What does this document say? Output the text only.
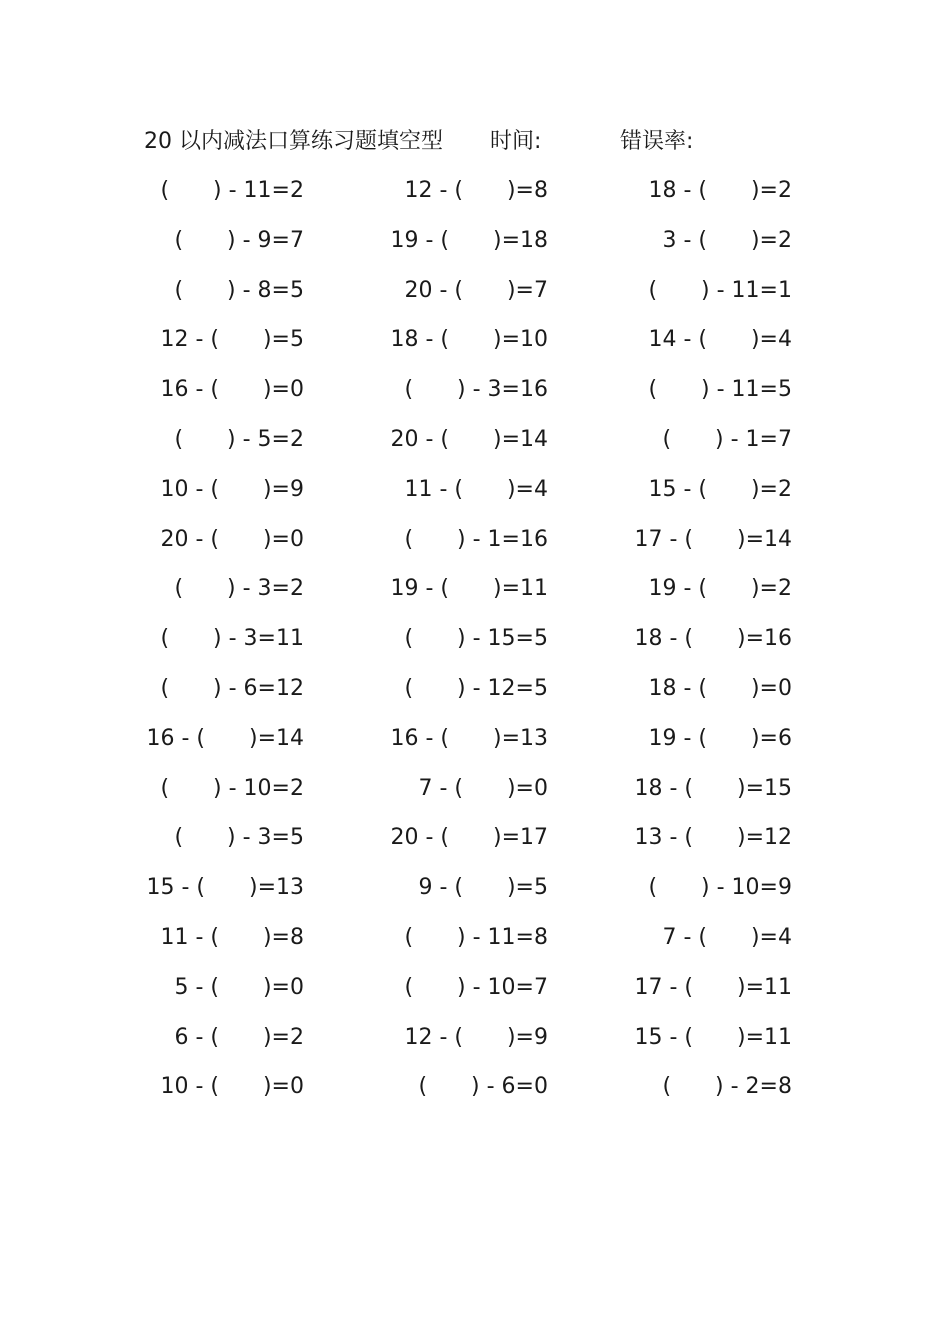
20 以内减法口算练习题填空型 时间:	错误率:
(　　) - 11=2	12 - (　　)=8	18 - (　　)=2
(　　) - 9=7	19 - (　　)=18	3 - (　　)=2
(　　) - 8=5	20 - (　　)=7	(　　) - 11=1
12 - (　　)=5	18 - (　　)=10	14 - (　　)=4
16 - (　　)=0	(　　) - 3=16	(　　) - 11=5
(　　) - 5=2	20 - (　　)=14	(　　) - 1=7
10 - (　　)=9	11 - (　　)=4	15 - (　　)=2
20 - (　　)=0	(　　) - 1=16	17 - (　　)=14
(　　) - 3=2	19 - (　　)=11	19 - (　　)=2
(　　) - 3=11	(　　) - 15=5	18 - (　　)=16
(　　) - 6=12	(　　) - 12=5	18 - (　　)=0
16 - (　　)=14	16 - (　　)=13	19 - (　　)=6
(　　) - 10=2	7 - (　　)=0	18 - (　　)=15
(　　) - 3=5	20 - (　　)=17	13 - (　　)=12
15 - (　　)=13	9 - (　　)=5	(　　) - 10=9
11 - (　　)=8	(　　) - 11=8	7 - (　　)=4
5 - (　　)=0	(　　) - 10=7	17 - (　　)=11
6 - (　　)=2	12 - (　　)=9	15 - (　　)=11
10 - (　　)=0	(　　) - 6=0	(　　) - 2=8
